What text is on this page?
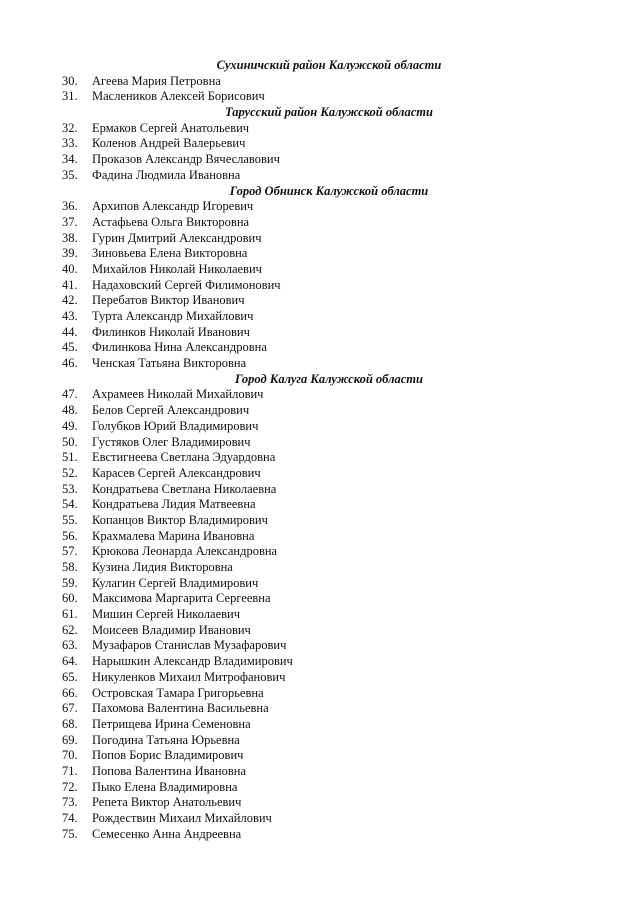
Сухиничский район Калужской области
30.	Агеева Мария Петровна
31.	Маслеников Алексей Борисович
Тарусский район Калужской области
32.	Ермаков Сергей Анатольевич
33.	Коленов Андрей Валерьевич
34.	Проказов Александр Вячеславович
35.	Фадина Людмила Ивановна
Город Обнинск Калужской области
36.	Архипов Александр Игоревич
37.	Астафьева Ольга Викторовна
38.	Гурин Дмитрий Александрович
39.	Зиновьева Елена Викторовна
40.	Михайлов Николай Николаевич
41.	Надаховский Сергей Филимонович
42.	Перебатов Виктор Иванович
43.	Турта Александр Михайлович
44.	Филинков Николай Иванович
45.	Филинкова Нина Александровна
46.	Ченская Татьяна Викторовна
Город Калуга Калужской области
47.	Ахрамеев Николай Михайлович
48.	Белов Сергей Александрович
49.	Голубков Юрий Владимирович
50.	Густяков Олег Владимирович
51.	Евстигнеева Светлана Эдуардовна
52.	Карасев Сергей Александрович
53.	Кондратьева Светлана Николаевна
54.	Кондратьева Лидия Матвеевна
55.	Копанцов Виктор Владимирович
56.	Крахмалева Марина Ивановна
57.	Крюкова Леонарда Александровна
58.	Кузина Лидия Викторовна
59.	Кулагин Сергей Владимирович
60.	Максимова Маргарита Сергеевна
61.	Мишин Сергей Николаевич
62.	Моисеев Владимир Иванович
63.	Музафаров Станислав Музафарович
64.	Нарышкин Александр Владимирович
65.	Никуленков Михаил Митрофанович
66.	Островская Тамара Григорьевна
67.	Пахомова Валентина Васильевна
68.	Петрищева Ирина Семеновна
69.	Погодина Татьяна Юрьевна
70.	Попов Борис Владимирович
71.	Попова Валентина Ивановна
72.	Пыко Елена Владимировна
73.	Репета Виктор Анатольевич
74.	Рождествин Михаил Михайлович
75.	Семесенко Анна Андреевна
